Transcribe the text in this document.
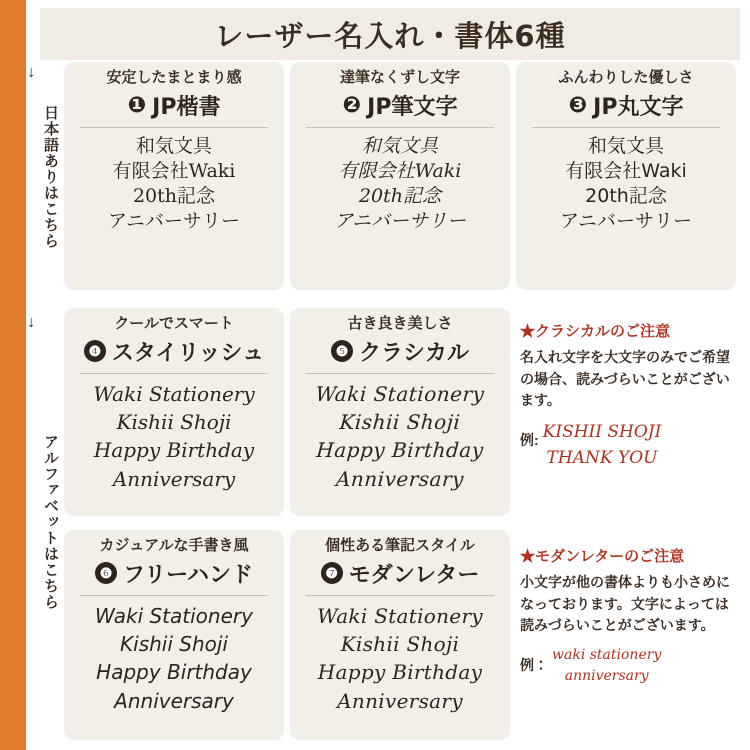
レーザー名入れ・書体6種
日本語ありはこちら
→
アルファベットはこちら
→
安定したまとまり感
❶ JP楷書
和気文具
有限会社Waki
20th記念
アニバーサリー
達筆なくずし文字
❷ JP筆文字
和気文具
有限会社Waki
20th記念
アニバーサリー
ふんわりした優しさ
❸ JP丸文字
和気文具
有限会社Waki
20th記念
アニバーサリー
クールでスマート
❹ スタイリッシュ
Waki Stationery
Kishii Shoji
Happy Birthday
Anniversary
古き良き美しさ
❺ クラシカル
Waki Stationery
Kishii Shoji
Happy Birthday
Anniversary
カジュアルな手書き風
❻ フリーハンド
Waki Stationery
Kishii Shoji
Happy Birthday
Anniversary
個性ある筆記スタイル
❼ モダンレター
Waki Stationery
Kishii Shoji
Happy Birthday
Anniversary
★クラシカルのご注意
名入れ文字を大文字のみでご希望の場合、読みづらいことがございます。
例: KISHII SHOJI
THANK YOU
★モダンレターのご注意
小文字が他の書体よりも小さめになっております。文字によっては読みづらいことがございます。
例：
waki stationery
anniversary
